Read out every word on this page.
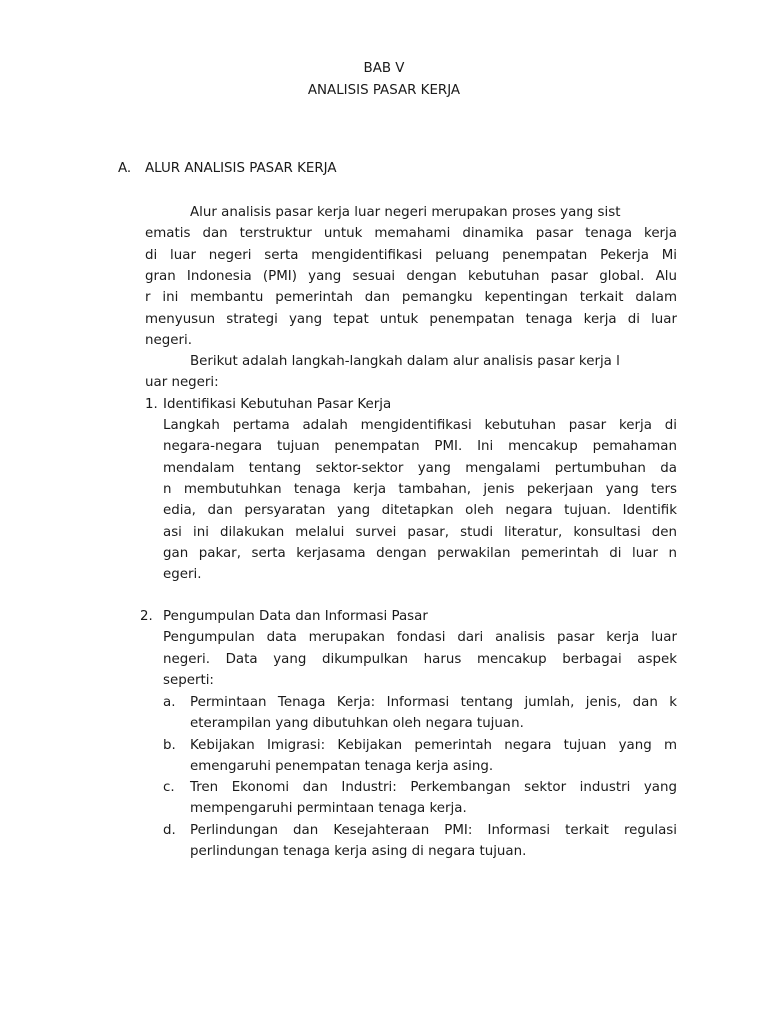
BAB V
ANALISIS PASAR KERJA
A. ALUR ANALISIS PASAR KERJA
Alur analisis pasar kerja luar negeri merupakan proses yang sist
ematis dan terstruktur untuk memahami dinamika pasar tenaga kerja
di luar negeri serta mengidentifikasi peluang penempatan Pekerja Mi
gran Indonesia (PMI) yang sesuai dengan kebutuhan pasar global. Alu
r ini membantu pemerintah dan pemangku kepentingan terkait dalam
menyusun strategi yang tepat untuk penempatan tenaga kerja di luar
negeri.
Berikut adalah langkah-langkah dalam alur analisis pasar kerja l
uar negeri:
1. Identifikasi Kebutuhan Pasar Kerja
Langkah pertama adalah mengidentifikasi kebutuhan pasar kerja di
negara-negara tujuan penempatan PMI. Ini mencakup pemahaman
mendalam tentang sektor-sektor yang mengalami pertumbuhan da
n membutuhkan tenaga kerja tambahan, jenis pekerjaan yang ters
edia, dan persyaratan yang ditetapkan oleh negara tujuan. Identifik
asi ini dilakukan melalui survei pasar, studi literatur, konsultasi den
gan pakar, serta kerjasama dengan perwakilan pemerintah di luar n
egeri.
2. Pengumpulan Data dan Informasi Pasar
Pengumpulan data merupakan fondasi dari analisis pasar kerja luar
negeri. Data yang dikumpulkan harus mencakup berbagai aspek
seperti:
a. Permintaan Tenaga Kerja: Informasi tentang jumlah, jenis, dan k
eterampilan yang dibutuhkan oleh negara tujuan.
b. Kebijakan Imigrasi: Kebijakan pemerintah negara tujuan yang m
emengaruhi penempatan tenaga kerja asing.
c. Tren Ekonomi dan Industri: Perkembangan sektor industri yang
mempengaruhi permintaan tenaga kerja.
d. Perlindungan dan Kesejahteraan PMI: Informasi terkait regulasi
perlindungan tenaga kerja asing di negara tujuan.
